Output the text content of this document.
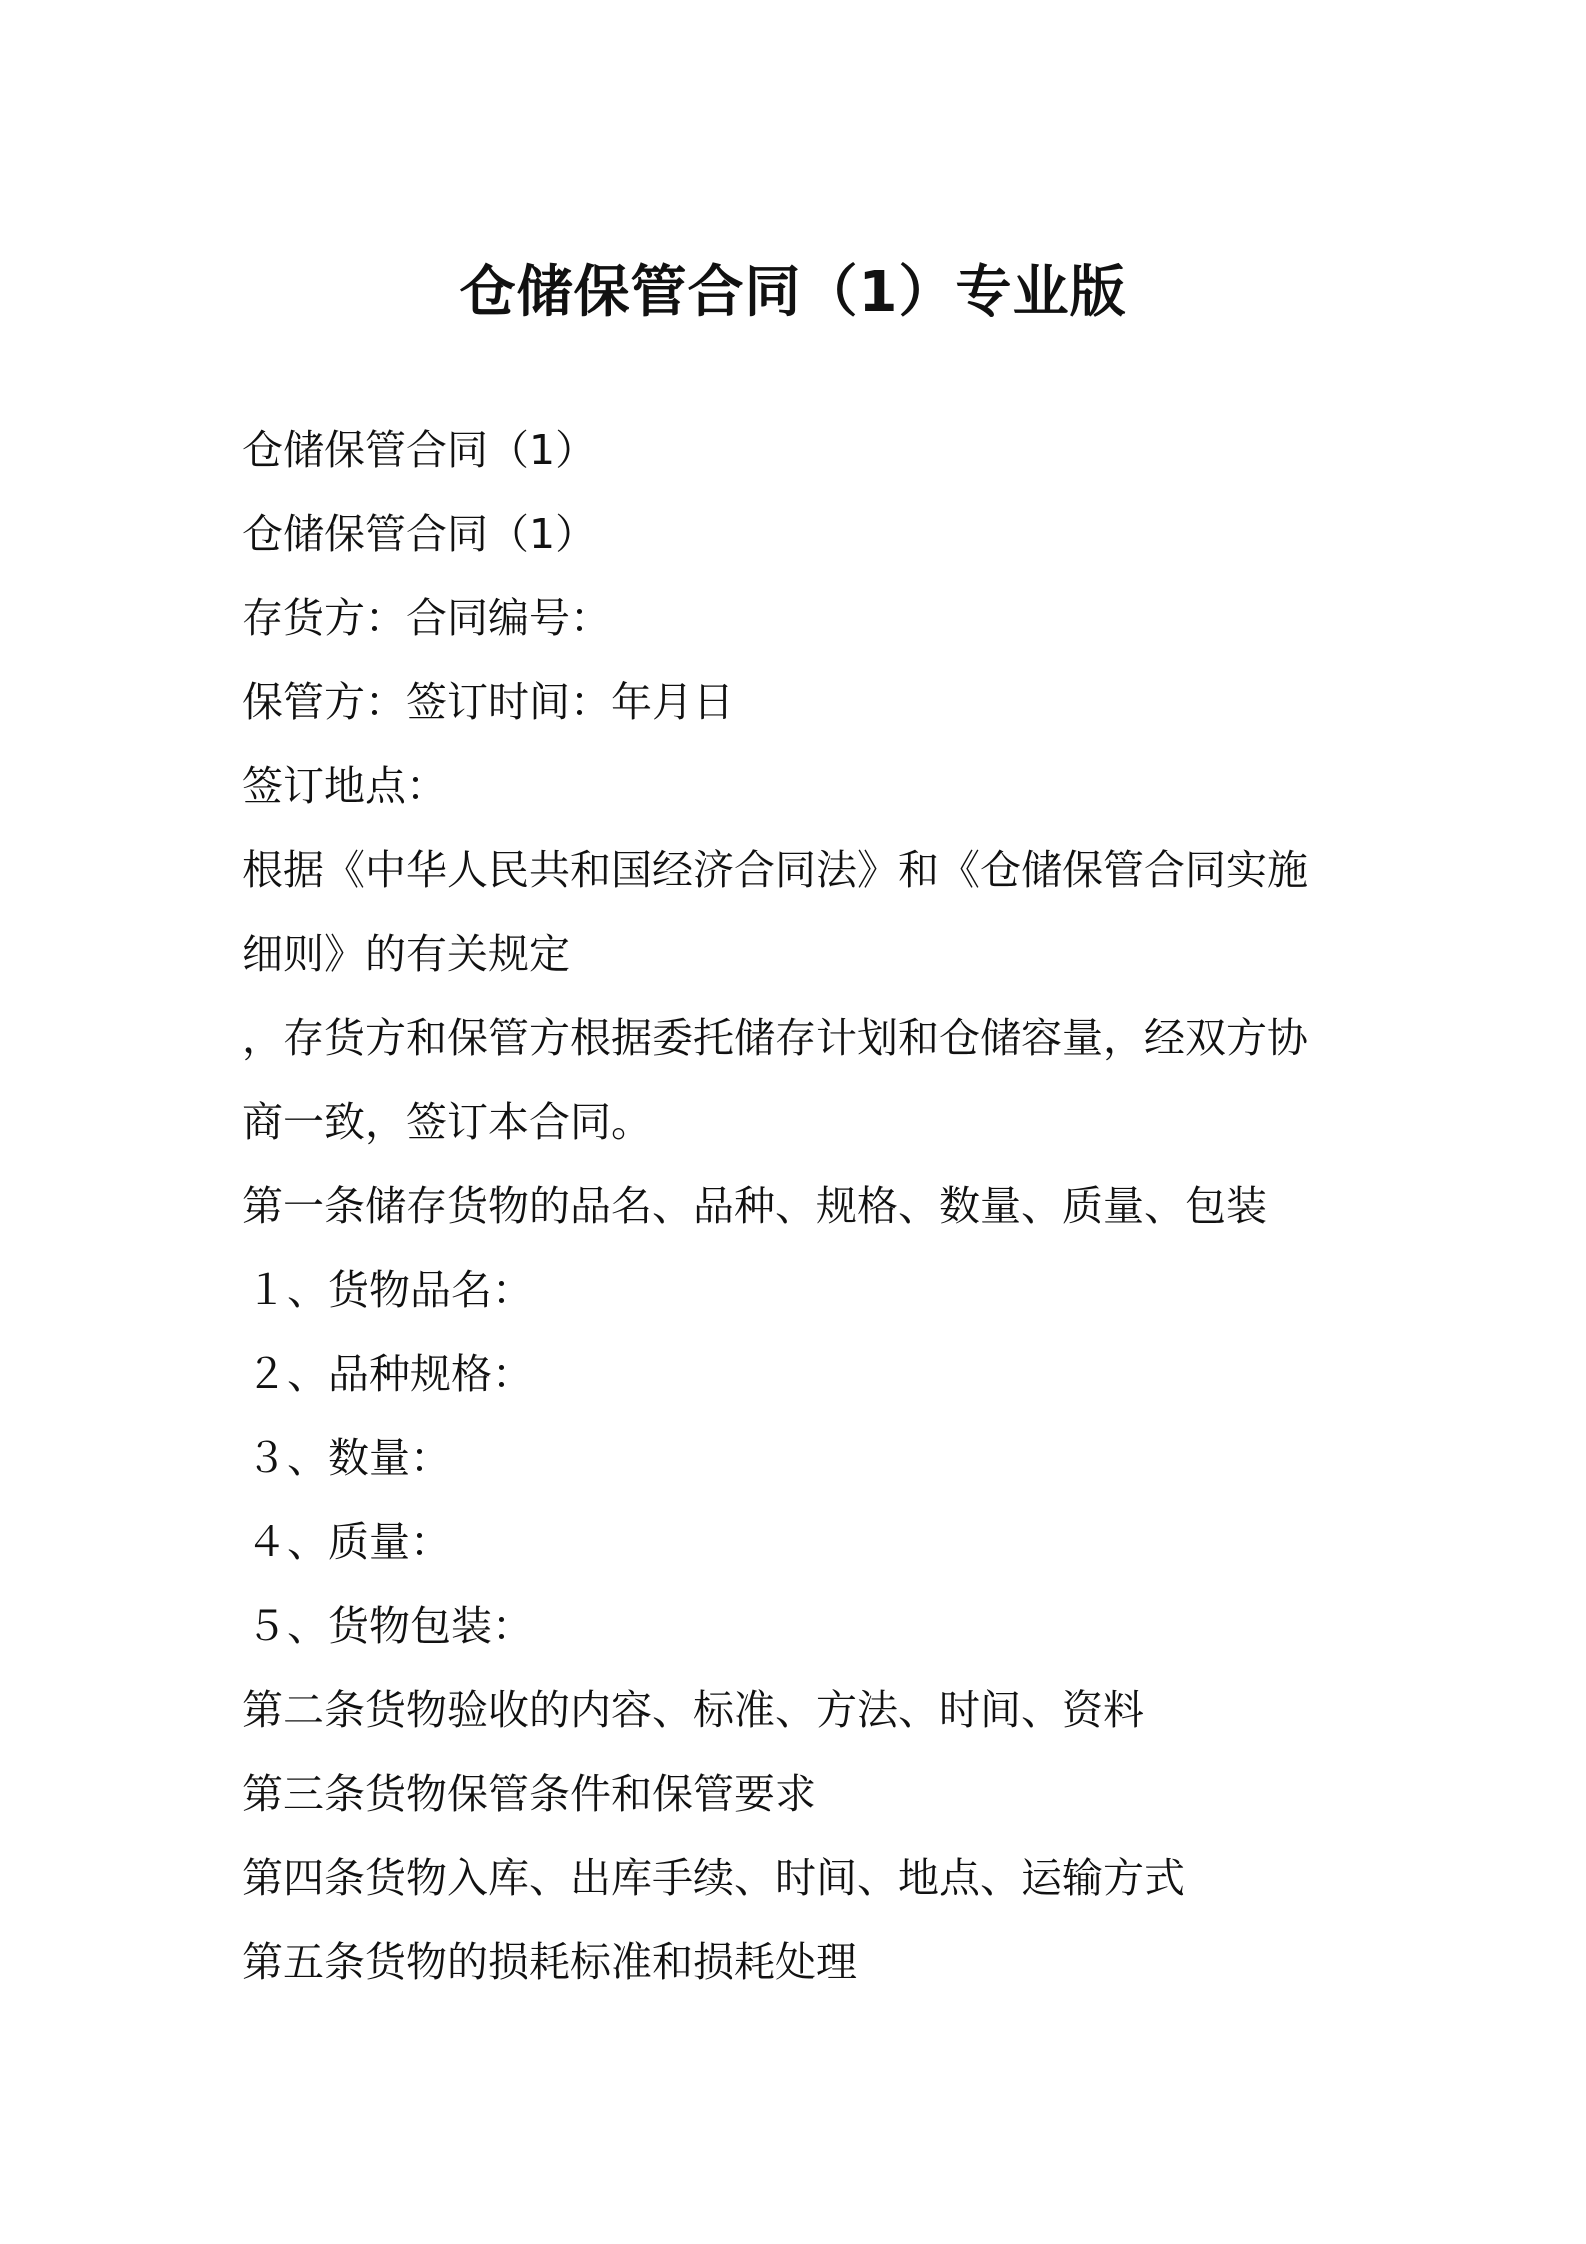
仓储保管合同（1）专业版
仓储保管合同（1）
仓储保管合同（1）
存货方：合同编号：
保管方：签订时间：年月日
签订地点：
根据《中华人民共和国经济合同法》和《仓储保管合同实施
细则》的有关规定
，存货方和保管方根据委托储存计划和仓储容量，经双方协
商一致，签订本合同。
第一条储存货物的品名、品种、规格、数量、质量、包装
１、货物品名：
２、品种规格：
３、数量：
４、质量：
５、货物包装：
第二条货物验收的内容、标准、方法、时间、资料
第三条货物保管条件和保管要求
第四条货物入库、出库手续、时间、地点、运输方式
第五条货物的损耗标准和损耗处理
